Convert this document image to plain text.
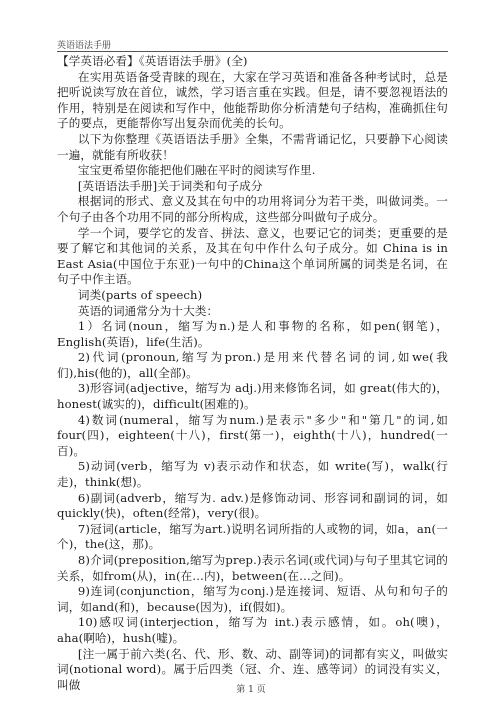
英语语法手册

【学英语必看】《英语语法手册》(全)

在实用英语备受青睐的现在，大家在学习英语和准备各种考试时，总是把听说读写放在首位，诚然，学习语言重在实践。但是，请不要忽视语法的作用，特别是在阅读和写作中，他能帮助你分析清楚句子结构，准确抓住句子的要点，更能帮你写出复杂而优美的长句。

以下为你整理《英语语法手册》全集，不需背诵记忆，只要静下心阅读一遍，就能有所收获！

宝宝更希望你能把他们融在平时的阅读写作里.

[英语语法手册]关于词类和句子成分

根据词的形式、意义及其在句中的功用将词分为若干类，叫做词类。一个句子由各个功用不同的部分所构成，这些部分叫做句子成分。

学一个词，要学它的发音、拼法、意义，也要记它的词类；更重要的是要了解它和其他词的关系，及其在句中作什么句子成分。如 China is in East Asia(中国位于东亚)一句中的China这个单词所属的词类是名词，在句子中作主语。

词类(parts of speech)

英语的词通常分为十大类：

1）名词(noun，缩写为n.)是人和事物的名称，如pen(钢笔)，English(英语)，life(生活)。

2)代词(pronoun,缩写为pron.)是用来代替名词的词,如we(我们),his(他的)，all(全部)。

3)形容词(adjective，缩写为 adj.)用来修饰名词，如 great(伟大的)，honest(诚实的)，difficult(困难的)。

4)数词(numeral，缩写为num.)是表示"多少"和"第几"的词,如four(四)，eighteen(十八)，first(第一)，eighth(十八)，hundred(一百)。

5)动词(verb，缩写为 v)表示动作和状态，如 write(写)，walk(行走)，think(想)。

6)副词(adverb，缩写为. adv.)是修饰动词、形容词和副词的词，如quickly(快)，often(经常)，very(很)。

7)冠词(article，缩写为art.)说明名词所指的人或物的词，如a，an(一个)，the(这，那)。

8)介词(preposition,缩写为prep.)表示名词(或代词)与句子里其它词的关系，如from(从)，in(在…内)，between(在…之间)。

9)连词(conjunction，缩写为conj.)是连接词、短语、从句和句子的词，如and(和)，because(因为)，if(假如)。

10)感叹词(interjection，缩写为 int.)表示感情，如。oh(噢)，aha(啊哈)，hush(嘘)。

[注一属于前六类(名、代、形、数、动、副等词)的词都有实义，叫做实词(notional word)。属于后四类（冠、介、连、感等词）的词没有实义，叫做	第 1 页
